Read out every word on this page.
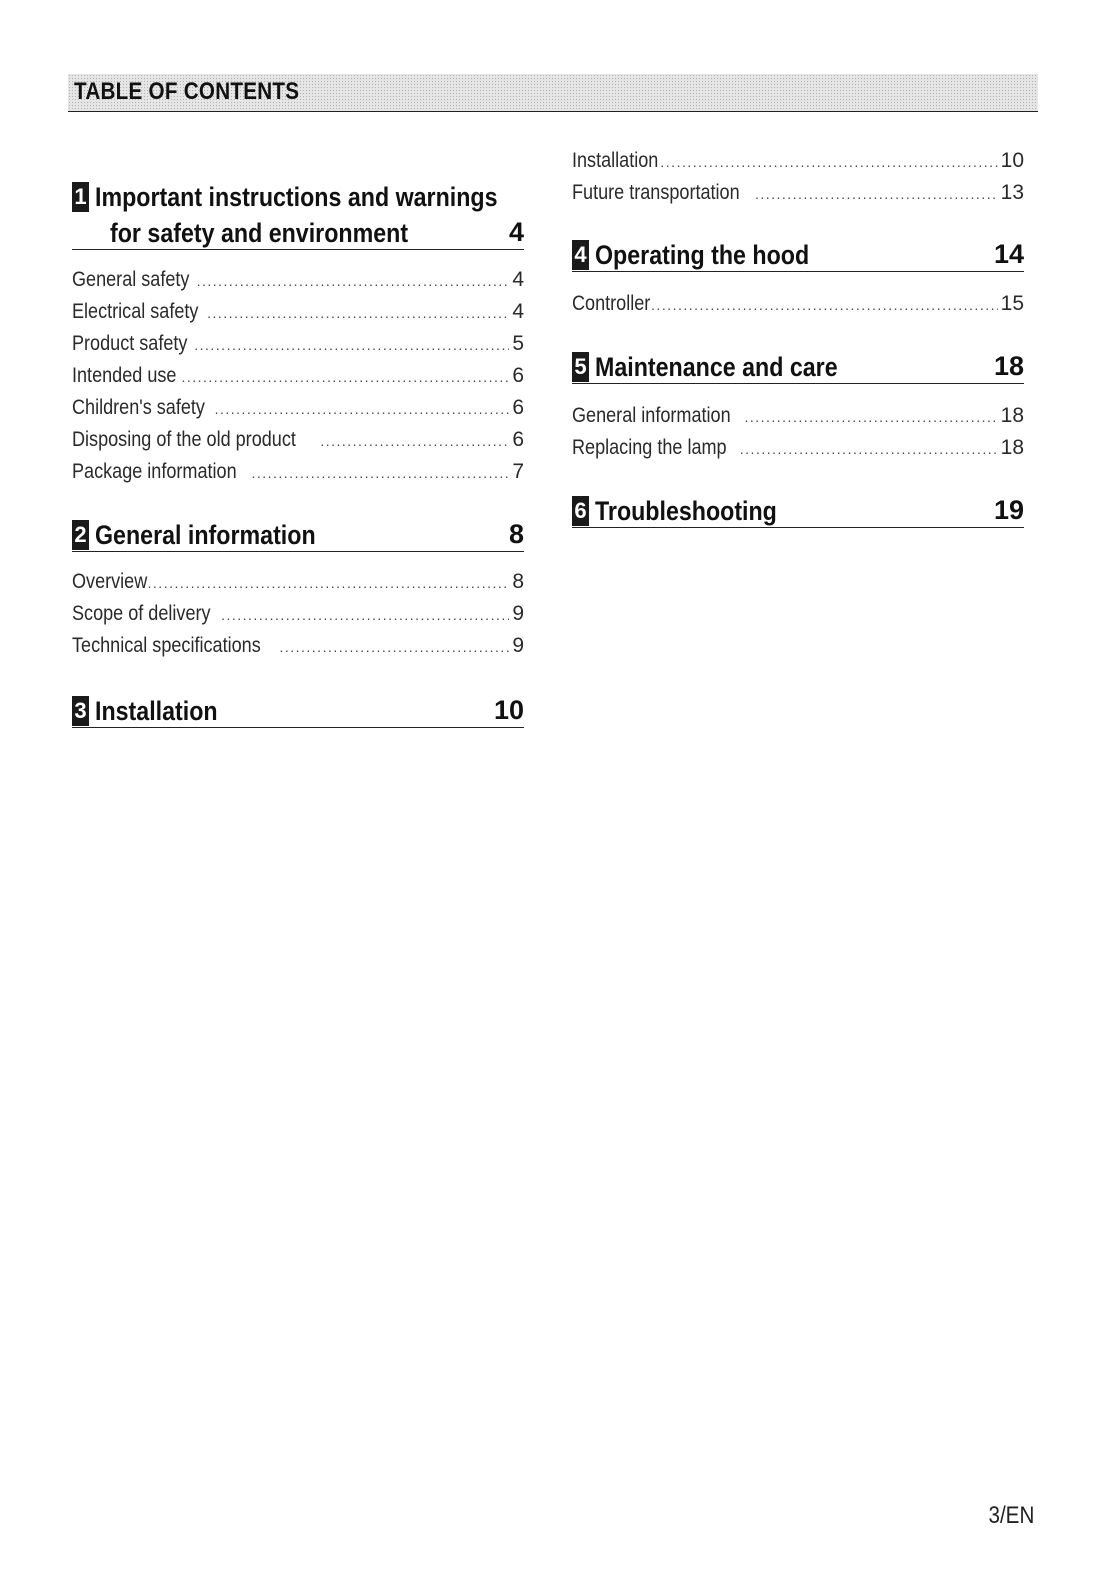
TABLE OF CONTENTS
1 Important instructions and warnings
for safety and environment	4
General safety .....	4
Electrical safety .....	4
Product safety .....	5
Intended use .....	6
Children's safety .....	6
Disposing of the old product .....	6
Package information .....	7
2 General information	8
Overview .....	8
Scope of delivery .....	9
Technical specifications .....	9
3 Installation	10
Installation .....	10
Future transportation .....	13
4 Operating the hood	14
Controller .....	15
5 Maintenance and care	18
General information .....	18
Replacing the lamp .....	18
6 Troubleshooting	19
3/EN
